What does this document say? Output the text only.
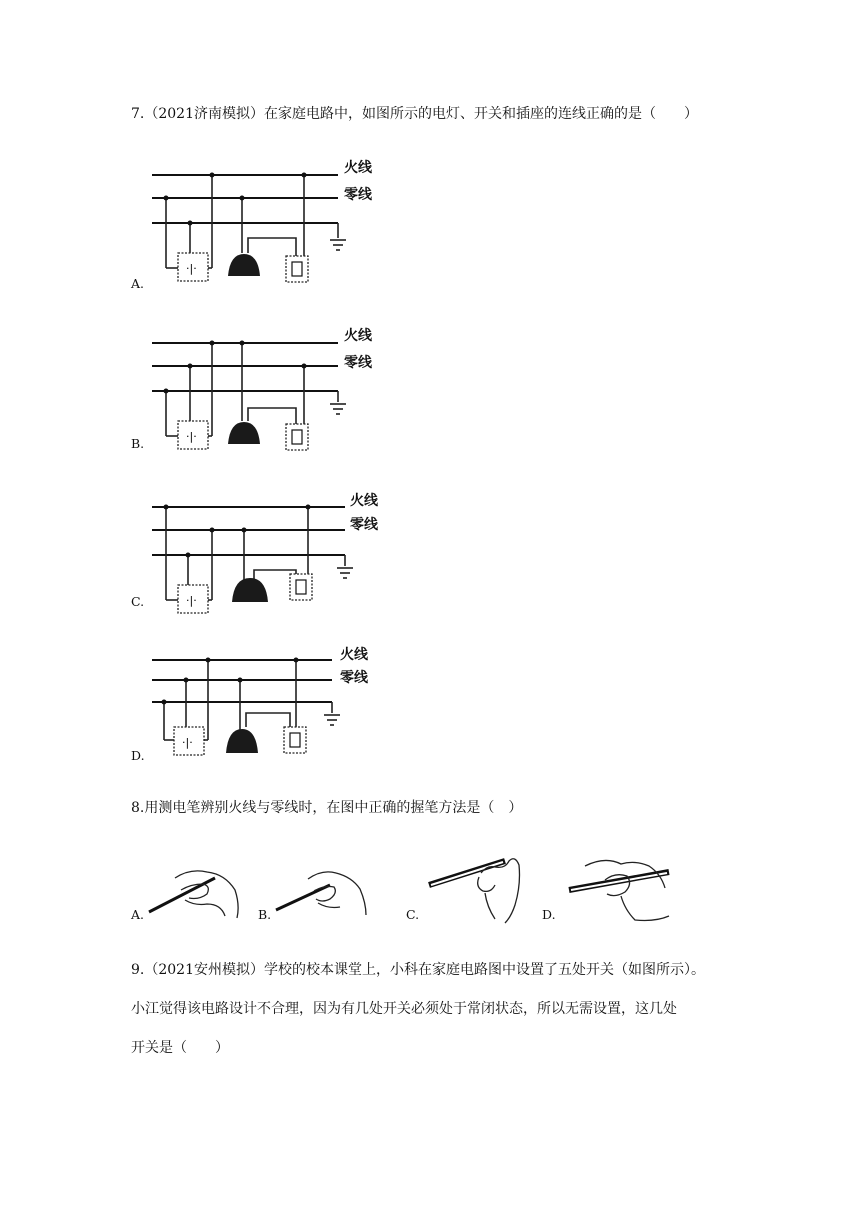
7.（2021济南模拟）在家庭电路中，如图所示的电灯、开关和插座的连线正确的是（　　）
火线
零线
·|·
A.
火线
零线
·|·
B.
火线
零线
·|·
C.
火线
零线
·|·
D.
8.用测电笔辨别火线与零线时，在图中正确的握笔方法是（　）
A.	B.	C.	D.
9.（2021安州模拟）学校的校本课堂上，小科在家庭电路图中设置了五处开关（如图所示）。
小江觉得该电路设计不合理，因为有几处开关必须处于常闭状态，所以无需设置，这几处
开关是（　　）
